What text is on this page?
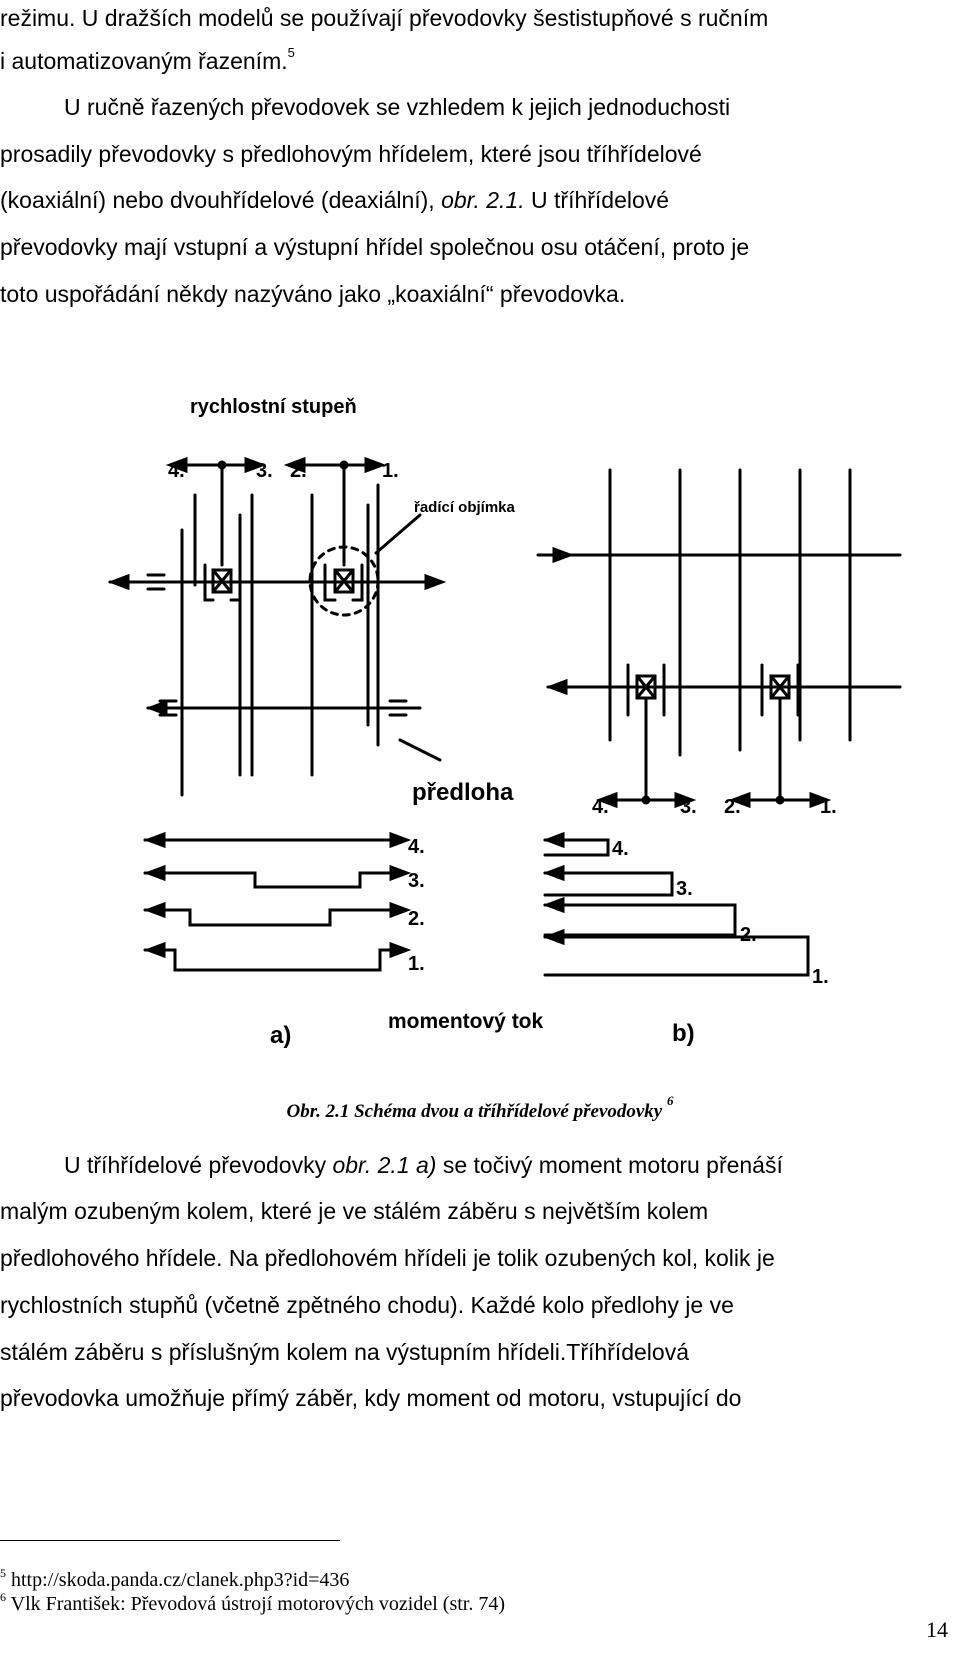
režimu. U dražších modelů se používají převodovky šestistupňové s ručním
i automatizovaným řazením.$^5$
U ručně řazených převodovek se vzhledem k jejich jednoduchosti
prosadily převodovky s předlohovým hřídelem, které jsou tříhřídelové
(koaxiální) nebo dvouhřídelové (deaxiální), obr. 2.1. U tříhřídelové
převodovky mají vstupní a výstupní hřídel společnou osu otáčení, proto je
toto uspořádání někdy nazýváno jako „koaxiální“ převodovka.
rychlostní stupeň
řadící objímka
předloha
momentový tok
a)	b)
4.	3. 2.	1.
4.	3. 2.	1.
4.
3.
2.
1.
4.
3.
2.
1.
Obr. 2.1 Schéma dvou a tříhřídelové převodovky $^6$
U tříhřídelové převodovky obr. 2.1 a) se točivý moment motoru přenáší
malým ozubeným kolem, které je ve stálém záběru s největším kolem
předlohového hřídele. Na předlohovém hřídeli je tolik ozubených kol, kolik je
rychlostních stupňů (včetně zpětného chodu). Každé kolo předlohy je ve
stálém záběru s příslušným kolem na výstupním hřídeli.Tříhřídelová
převodovka umožňuje přímý záběr, kdy moment od motoru, vstupující do
$^5$ http://skoda.panda.cz/clanek.php3?id=436
$^6$ Vlk František: Převodová ústrojí motorových vozidel (str. 74)
14
